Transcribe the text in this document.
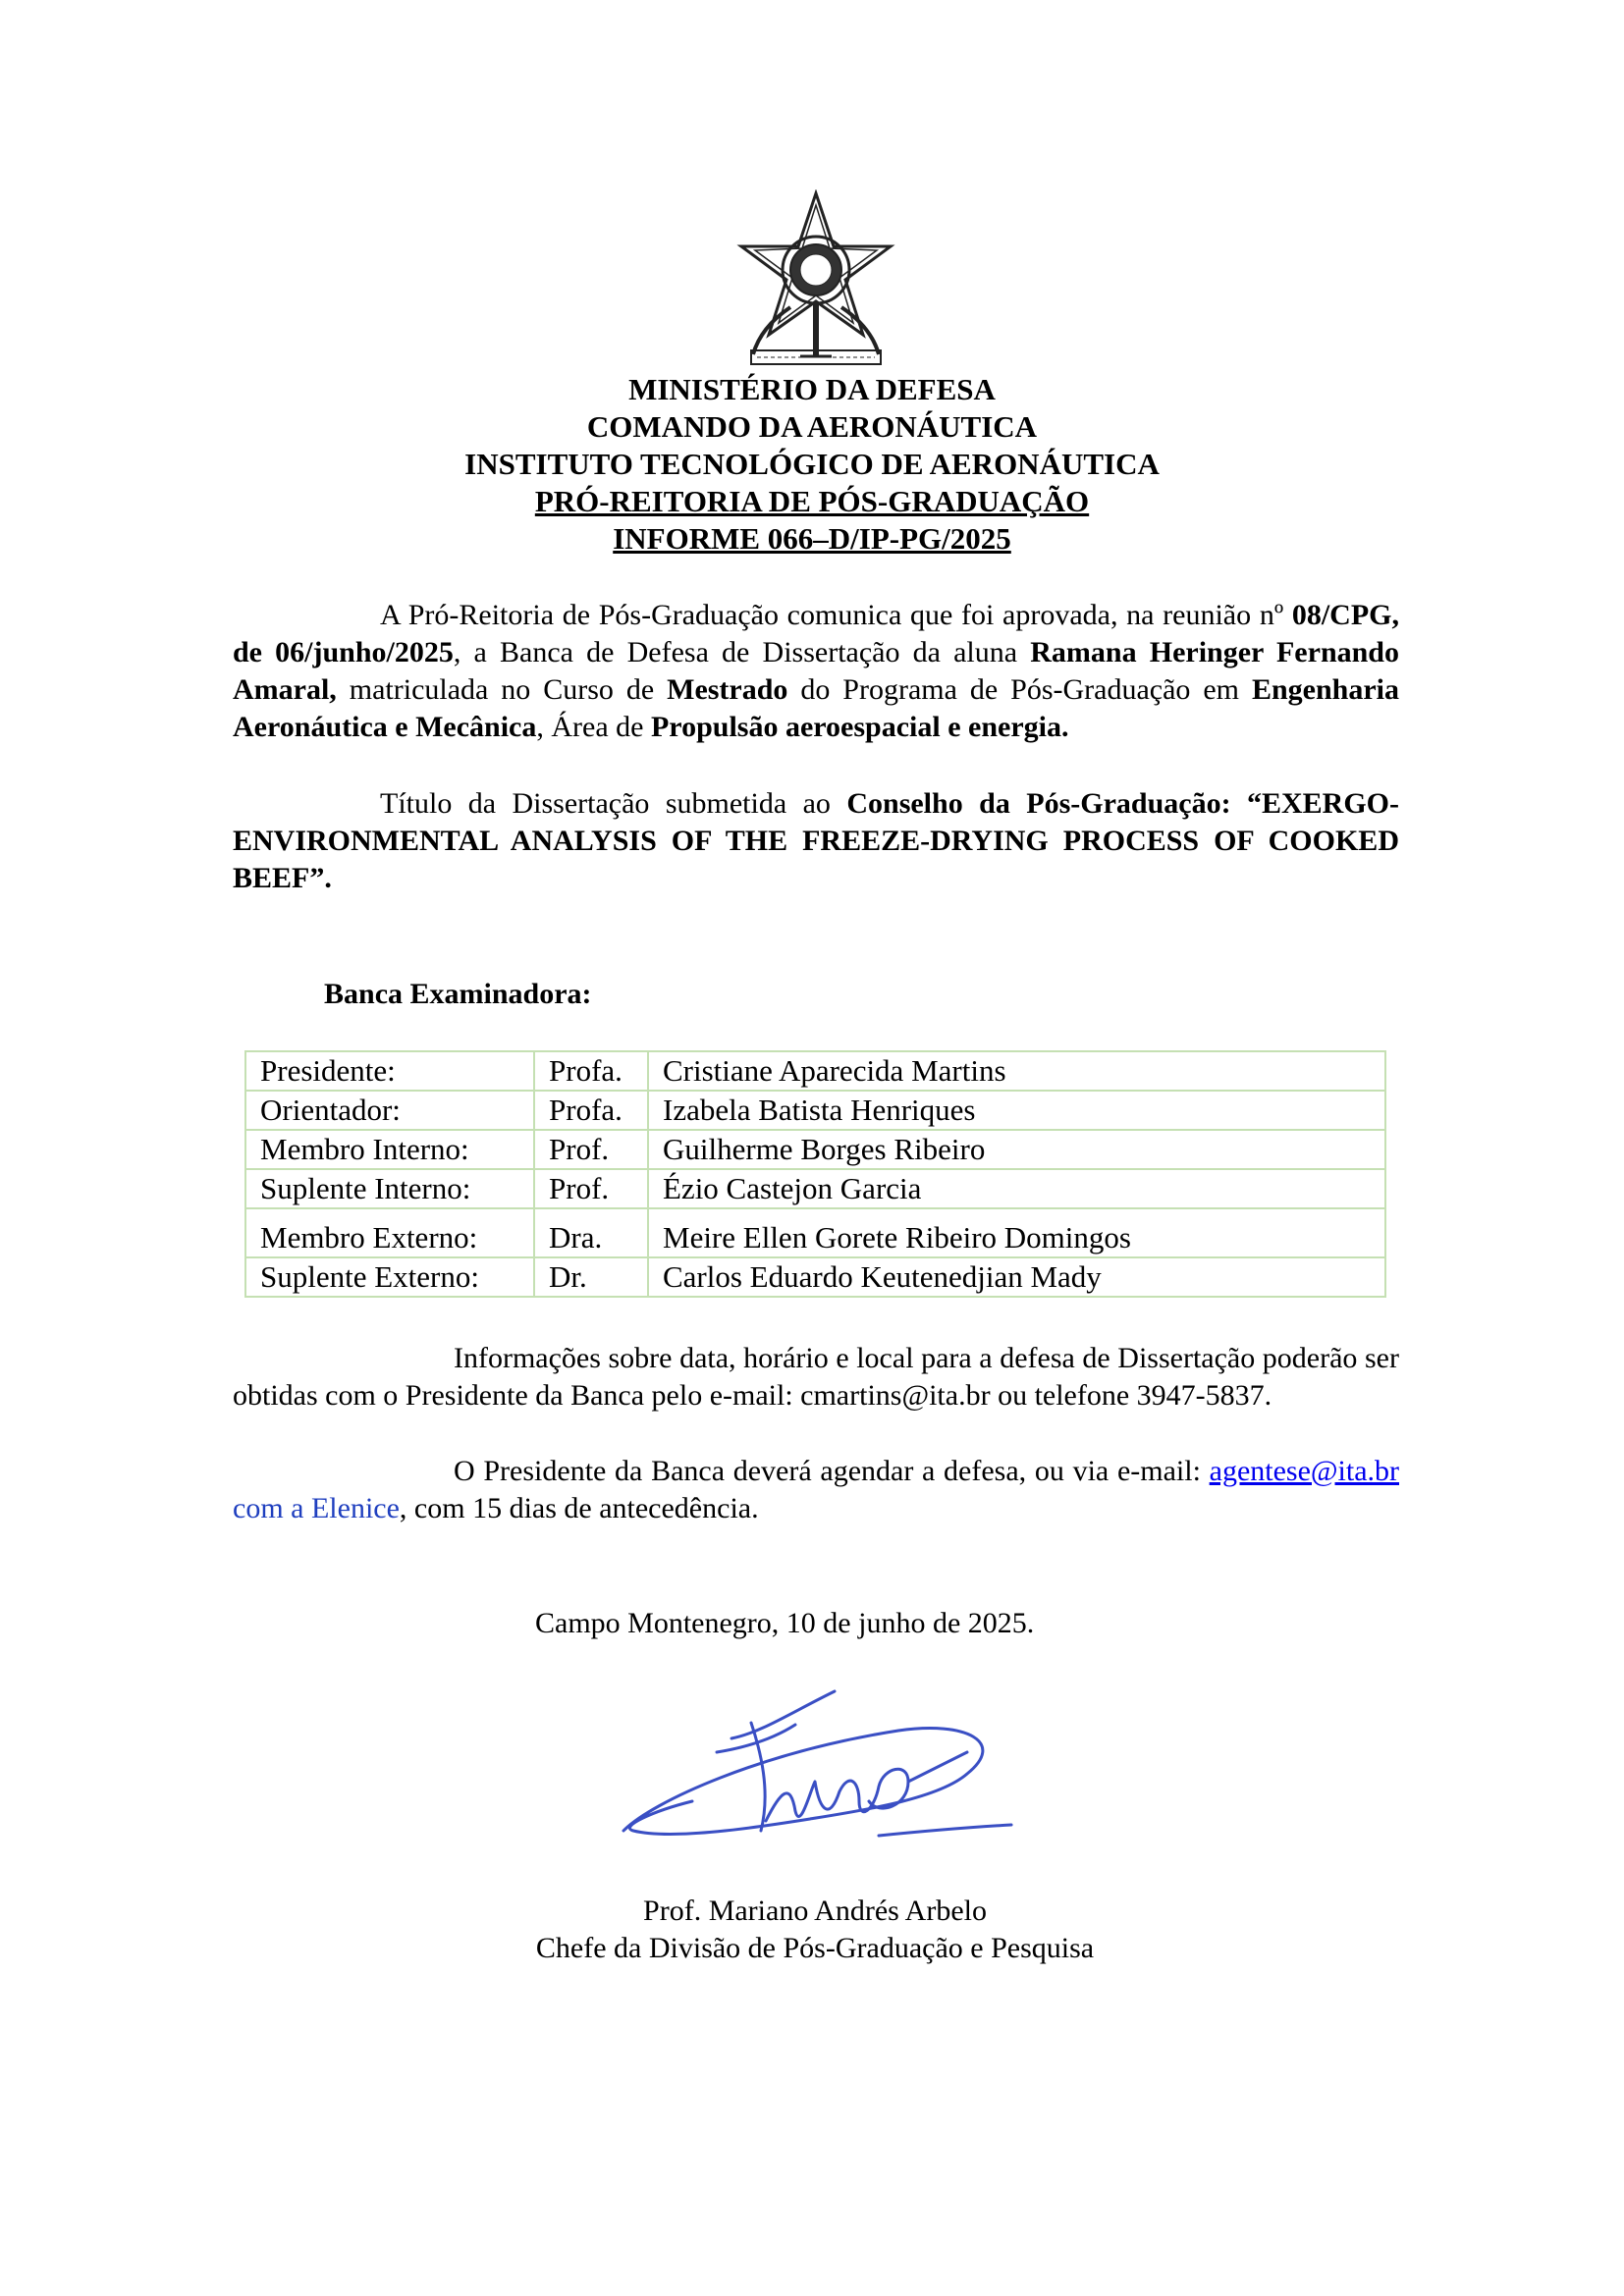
MINISTÉRIO DA DEFESA
COMANDO DA AERONÁUTICA
INSTITUTO TECNOLÓGICO DE AERONÁUTICA
PRÓ-REITORIA DE PÓS-GRADUAÇÃO
INFORME 066–D/IP-PG/2025

A Pró-Reitoria de Pós-Graduação comunica que foi aprovada, na reunião nº 08/CPG, de 06/junho/2025, a Banca de Defesa de Dissertação da aluna Ramana Heringer Fernando Amaral, matriculada no Curso de Mestrado do Programa de Pós-Graduação em Engenharia Aeronáutica e Mecânica, Área de Propulsão aeroespacial e energia.

Título da Dissertação submetida ao Conselho da Pós-Graduação: “EXERGO-ENVIRONMENTAL ANALYSIS OF THE FREEZE-DRYING PROCESS OF COOKED BEEF”.

Banca Examinadora:
Presidente:	Profa.	Cristiane Aparecida Martins
Orientador:	Profa.	Izabela Batista Henriques
Membro Interno:	Prof.	Guilherme Borges Ribeiro
Suplente Interno:	Prof.	Ézio Castejon Garcia
Membro Externo:	Dra.	Meire Ellen Gorete Ribeiro Domingos
Suplente Externo:	Dr.	Carlos Eduardo Keutenedjian Mady

Informações sobre data, horário e local para a defesa de Dissertação poderão ser obtidas com o Presidente da Banca pelo e-mail: cmartins@ita.br ou telefone 3947-5837.

O Presidente da Banca deverá agendar a defesa, ou via e-mail: agentese@ita.br com a Elenice, com 15 dias de antecedência.

Campo Montenegro, 10 de junho de 2025.
Prof. Mariano Andrés Arbelo
Chefe da Divisão de Pós-Graduação e Pesquisa
